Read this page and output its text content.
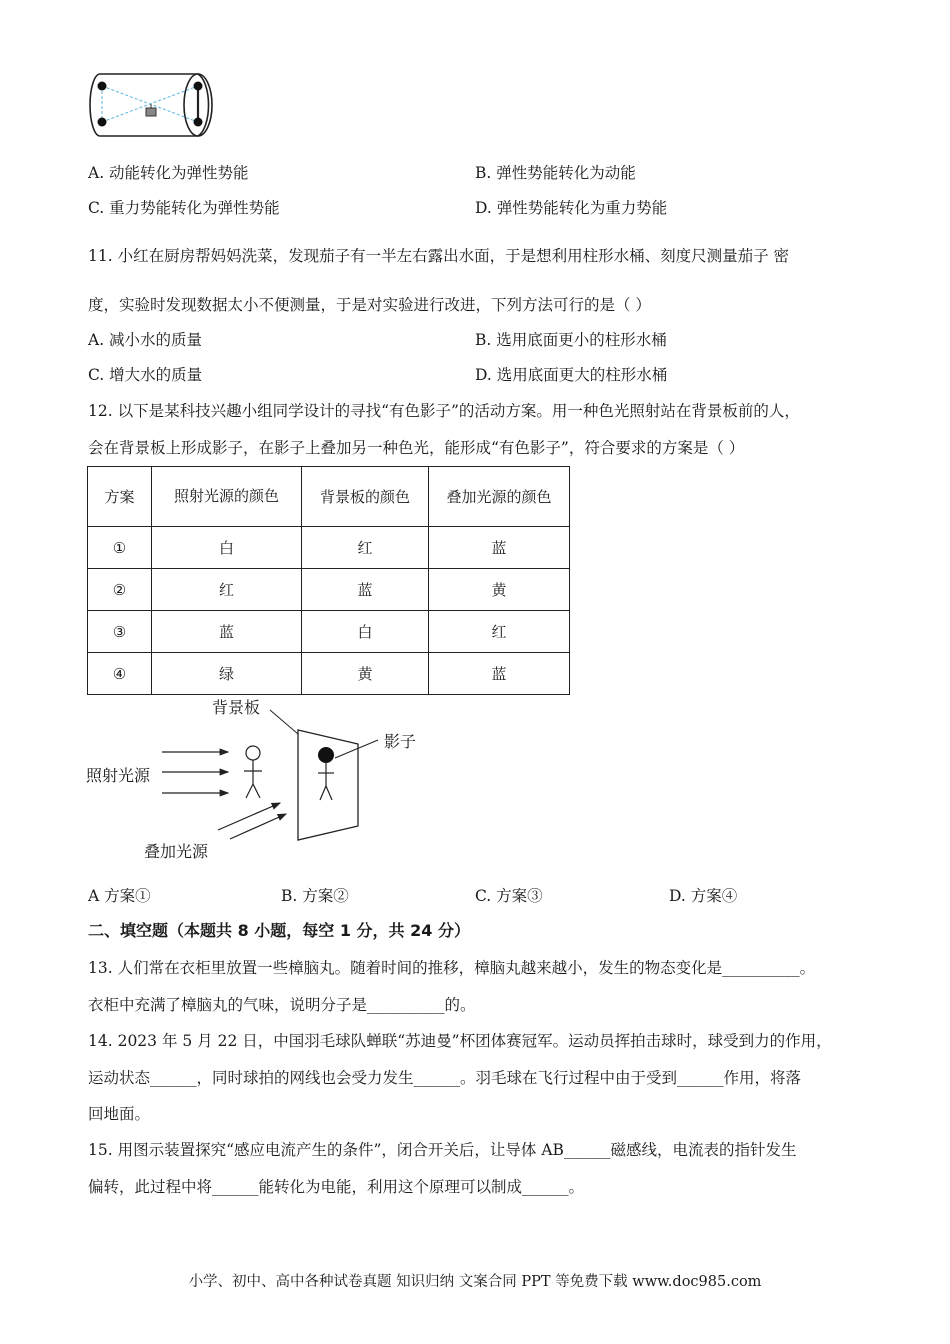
A. 动能转化为弹性势能	B. 弹性势能转化为动能
C. 重力势能转化为弹性势能	D. 弹性势能转化为重力势能
11. 小红在厨房帮妈妈洗菜，发现茄子有一半左右露出水面，于是想利用柱形水桶、刻度尺测量茄子 密
度，实验时发现数据太小不便测量，于是对实验进行改进，下列方法可行的是（ ）
A. 减小水的质量	B. 选用底面更小的柱形水桶
C. 增大水的质量	D. 选用底面更大的柱形水桶
12. 以下是某科技兴趣小组同学设计的寻找“有色影子”的活动方案。用一种色光照射站在背景板前的人，
会在背景板上形成影子，在影子上叠加另一种色光，能形成“有色影子”，符合要求的方案是（ ）
方案	照射光源的颜色	背景板的颜色	叠加光源的颜色
①	白	红	蓝
②	红	蓝	黄
③	蓝	白	红
④	绿	黄	蓝
背景板
影子
照射光源
叠加光源
A 方案①	B. 方案②	C. 方案③	D. 方案④
二、填空题（本题共 8 小题，每空 1 分，共 24 分）
13. 人们常在衣柜里放置一些樟脑丸。随着时间的推移，樟脑丸越来越小，发生的物态变化是__________。
衣柜中充满了樟脑丸的气味，说明分子是__________的。
14. 2023 年 5 月 22 日，中国羽毛球队蝉联“苏迪曼”杯团体赛冠军。运动员挥拍击球时，球受到力的作用，
运动状态______，同时球拍的网线也会受力发生______。羽毛球在飞行过程中由于受到______作用，将落
回地面。
15. 用图示装置探究“感应电流产生的条件”，闭合开关后，让导体 AB______磁感线，电流表的指针发生
偏转，此过程中将______能转化为电能，利用这个原理可以制成______。
小学、初中、高中各种试卷真题 知识归纳 文案合同 PPT 等免费下载 www.doc985.com
